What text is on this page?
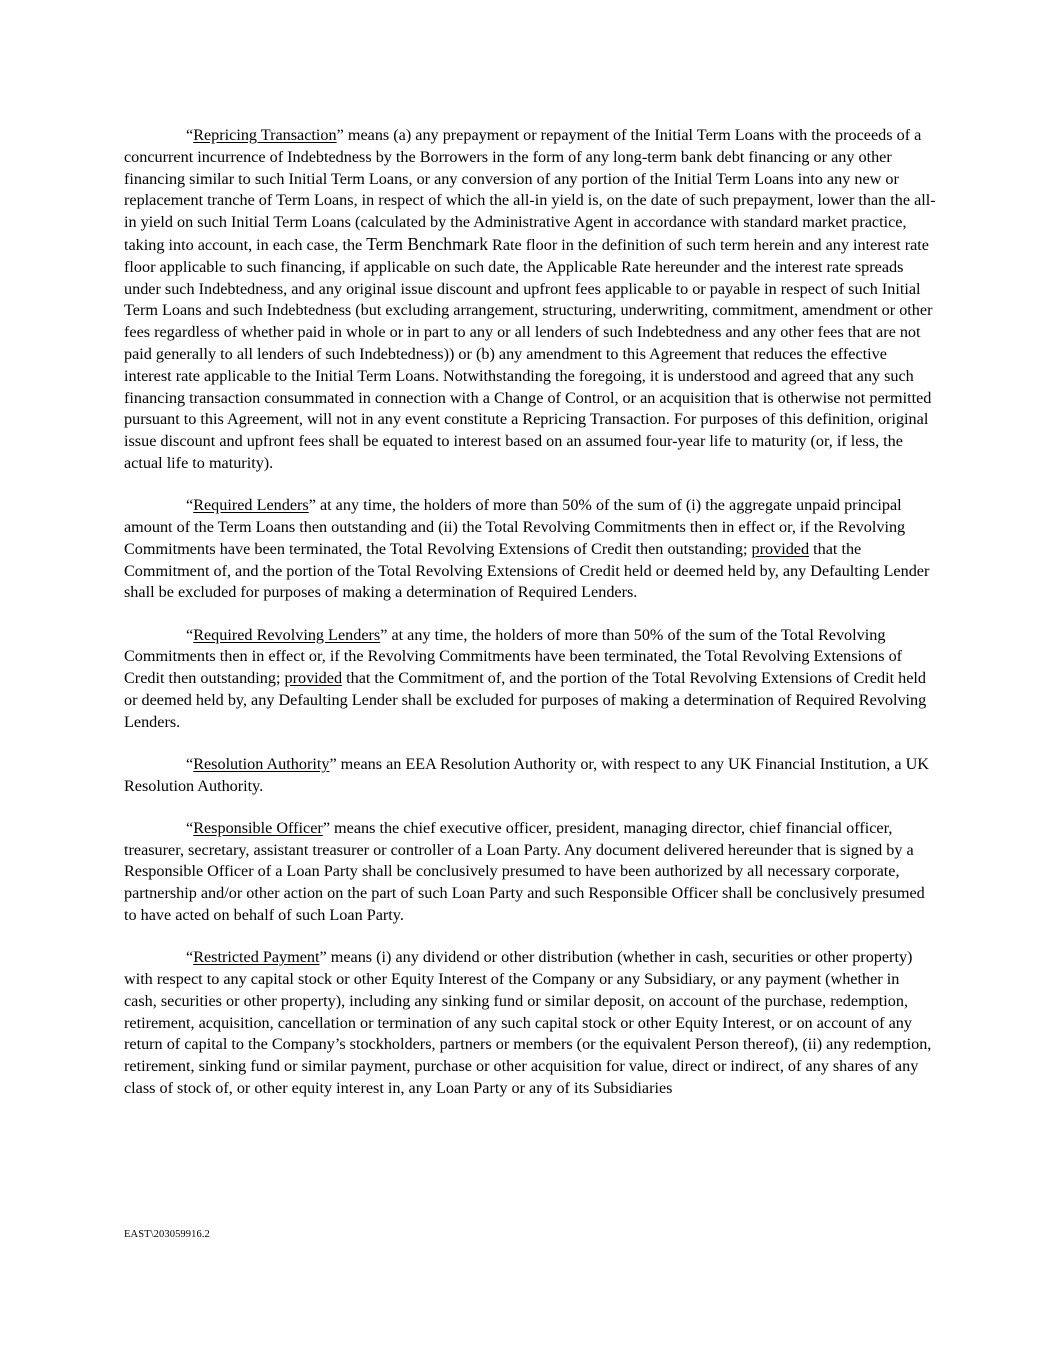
“Repricing Transaction” means (a) any prepayment or repayment of the Initial Term Loans with the proceeds of a concurrent incurrence of Indebtedness by the Borrowers in the form of any long-term bank debt financing or any other financing similar to such Initial Term Loans, or any conversion of any portion of the Initial Term Loans into any new or replacement tranche of Term Loans, in respect of which the all-in yield is, on the date of such prepayment, lower than the all-in yield on such Initial Term Loans (calculated by the Administrative Agent in accordance with standard market practice, taking into account, in each case, the Term Benchmark Rate floor in the definition of such term herein and any interest rate floor applicable to such financing, if applicable on such date, the Applicable Rate hereunder and the interest rate spreads under such Indebtedness, and any original issue discount and upfront fees applicable to or payable in respect of such Initial Term Loans and such Indebtedness (but excluding arrangement, structuring, underwriting, commitment, amendment or other fees regardless of whether paid in whole or in part to any or all lenders of such Indebtedness and any other fees that are not paid generally to all lenders of such Indebtedness)) or (b) any amendment to this Agreement that reduces the effective interest rate applicable to the Initial Term Loans. Notwithstanding the foregoing, it is understood and agreed that any such financing transaction consummated in connection with a Change of Control, or an acquisition that is otherwise not permitted pursuant to this Agreement, will not in any event constitute a Repricing Transaction. For purposes of this definition, original issue discount and upfront fees shall be equated to interest based on an assumed four-year life to maturity (or, if less, the actual life to maturity).

“Required Lenders” at any time, the holders of more than 50% of the sum of (i) the aggregate unpaid principal amount of the Term Loans then outstanding and (ii) the Total Revolving Commitments then in effect or, if the Revolving Commitments have been terminated, the Total Revolving Extensions of Credit then outstanding; provided that the Commitment of, and the portion of the Total Revolving Extensions of Credit held or deemed held by, any Defaulting Lender shall be excluded for purposes of making a determination of Required Lenders.

“Required Revolving Lenders” at any time, the holders of more than 50% of the sum of the Total Revolving Commitments then in effect or, if the Revolving Commitments have been terminated, the Total Revolving Extensions of Credit then outstanding; provided that the Commitment of, and the portion of the Total Revolving Extensions of Credit held or deemed held by, any Defaulting Lender shall be excluded for purposes of making a determination of Required Revolving Lenders.

“Resolution Authority” means an EEA Resolution Authority or, with respect to any UK Financial Institution, a UK Resolution Authority.

“Responsible Officer” means the chief executive officer, president, managing director, chief financial officer, treasurer, secretary, assistant treasurer or controller of a Loan Party. Any document delivered hereunder that is signed by a Responsible Officer of a Loan Party shall be conclusively presumed to have been authorized by all necessary corporate, partnership and/or other action on the part of such Loan Party and such Responsible Officer shall be conclusively presumed to have acted on behalf of such Loan Party.

“Restricted Payment” means (i) any dividend or other distribution (whether in cash, securities or other property) with respect to any capital stock or other Equity Interest of the Company or any Subsidiary, or any payment (whether in cash, securities or other property), including any sinking fund or similar deposit, on account of the purchase, redemption, retirement, acquisition, cancellation or termination of any such capital stock or other Equity Interest, or on account of any return of capital to the Company’s stockholders, partners or members (or the equivalent Person thereof), (ii) any redemption, retirement, sinking fund or similar payment, purchase or other acquisition for value, direct or indirect, of any shares of any class of stock of, or other equity interest in, any Loan Party or any of its Subsidiaries

EAST\203059916.2
